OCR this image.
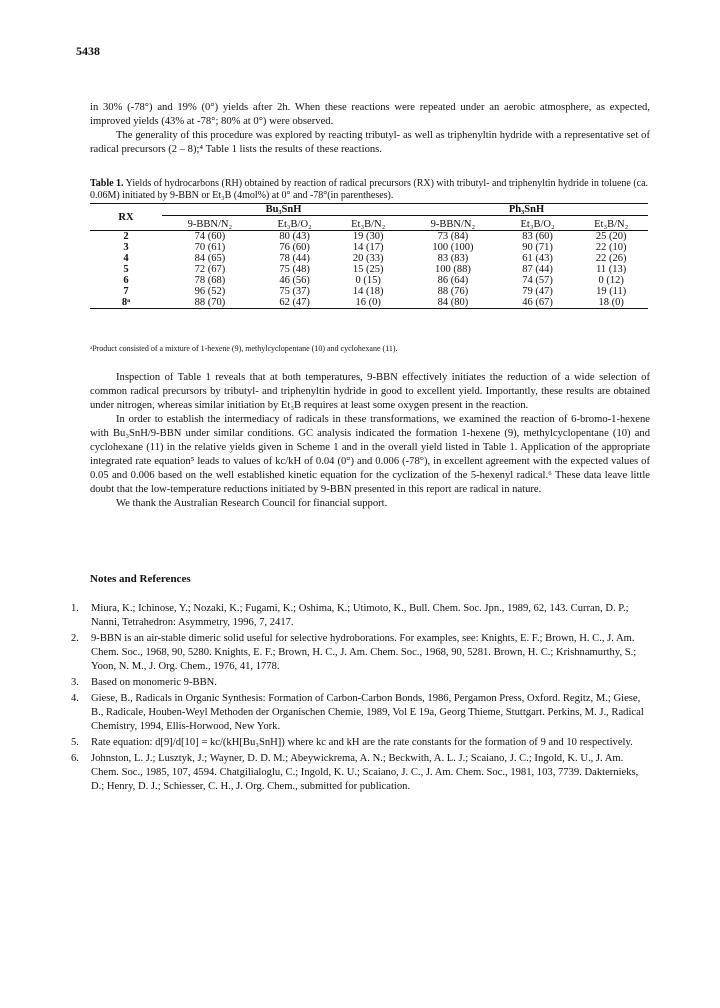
5438

in 30% (-78°) and 19% (0°) yields after 2h. When these reactions were repeated under an aerobic atmosphere, as expected, improved yields (43% at -78°; 80% at 0°) were observed.

The generality of this procedure was explored by reacting tributyl- as well as triphenyltin hydride with a representative set of radical precursors (2 – 8);⁴ Table 1 lists the results of these reactions.

Table 1. Yields of hydrocarbons (RH) obtained by reaction of radical precursors (RX) with tributyl- and triphenyltin hydride in toluene (ca. 0.06M) initiated by 9-BBN or Et₃B (4mol%) at 0° and -78°(in parentheses).
RX	Bu₃SnH			Ph₃SnH		
	9-BBN/N₂	Et₃B/O₂	Et₃B/N₂	9-BBN/N₂	Et₃B/O₂	Et₃B/N₂
2	74 (60)	80 (43)	19 (30)	73 (84)	83 (60)	25 (20)
3	70 (61)	76 (60)	14 (17)	100 (100)	90 (71)	22 (10)
4	84 (65)	78 (44)	20 (33)	83 (83)	61 (43)	22 (26)
5	72 (67)	75 (48)	15 (25)	100 (88)	87 (44)	11 (13)
6	78 (68)	46 (56)	0 (15)	86 (64)	74 (57)	0 (12)
7	96 (52)	75 (37)	14 (18)	88 (76)	79 (47)	19 (11)
8ᵃ	88 (70)	62 (47)	16 (0)	84 (80)	46 (67)	18 (0)
ᵃProduct consisted of a mixture of 1-hexene (9), methylcyclopentane (10) and cyclohexane (11).

Inspection of Table 1 reveals that at both temperatures, 9-BBN effectively initiates the reduction of a wide selection of common radical precursors by tributyl- and triphenyltin hydride in good to excellent yield. Importantly, these results are obtained under nitrogen, whereas similar initiation by Et₃B requires at least some oxygen present in the reaction.

In order to establish the intermediacy of radicals in these transformations, we examined the reaction of 6-bromo-1-hexene with Bu₃SnH/9-BBN under similar conditions. GC analysis indicated the formation 1-hexene (9), methylcyclopentane (10) and cyclohexane (11) in the relative yields given in Scheme 1 and in the overall yield listed in Table 1. Application of the appropriate integrated rate equation⁵ leads to values of kc/kH of 0.04 (0°) and 0.006 (-78°), in excellent agreement with the expected values of 0.05 and 0.006 based on the well established kinetic equation for the cyclization of the 5-hexenyl radical.⁶ These data leave little doubt that the low-temperature reductions initiated by 9-BBN presented in this report are radical in nature.

We thank the Australian Research Council for financial support.

Notes and References
1.	Miura, K.; Ichinose, Y.; Nozaki, K.; Fugami, K.; Oshima, K.; Utimoto, K., Bull. Chem. Soc. Jpn., 1989, 62, 143. Curran, D. P.; Nanni, Tetrahedron: Asymmetry, 1996, 7, 2417.
2.	9-BBN is an air-stable dimeric solid useful for selective hydroborations. For examples, see: Knights, E. F.; Brown, H. C., J. Am. Chem. Soc., 1968, 90, 5280. Knights, E. F.; Brown, H. C., J. Am. Chem. Soc., 1968, 90, 5281. Brown, H. C.; Krishnamurthy, S.; Yoon, N. M., J. Org. Chem., 1976, 41, 1778.
3.	Based on monomeric 9-BBN.
4.	Giese, B., Radicals in Organic Synthesis: Formation of Carbon-Carbon Bonds, 1986, Pergamon Press, Oxford. Regitz, M.; Giese, B., Radicale, Houben-Weyl Methoden der Organischen Chemie, 1989, Vol E 19a, Georg Thieme, Stuttgart. Perkins, M. J., Radical Chemistry, 1994, Ellis-Horwood, New York.
5.	Rate equation: d[9]/d[10] = kc/(kH[Bu₃SnH]) where kc and kH are the rate constants for the formation of 9 and 10 respectively.
6.	Johnston, L. J.; Lusztyk, J.; Wayner, D. D. M.; Abeywickrema, A. N.; Beckwith, A. L. J.; Scaiano, J. C.; Ingold, K. U., J. Am. Chem. Soc., 1985, 107, 4594. Chatgilialoglu, C.; Ingold, K. U.; Scaiano, J. C., J. Am. Chem. Soc., 1981, 103, 7739. Dakternieks, D.; Henry, D. J.; Schiesser, C. H., J. Org. Chem., submitted for publication.
